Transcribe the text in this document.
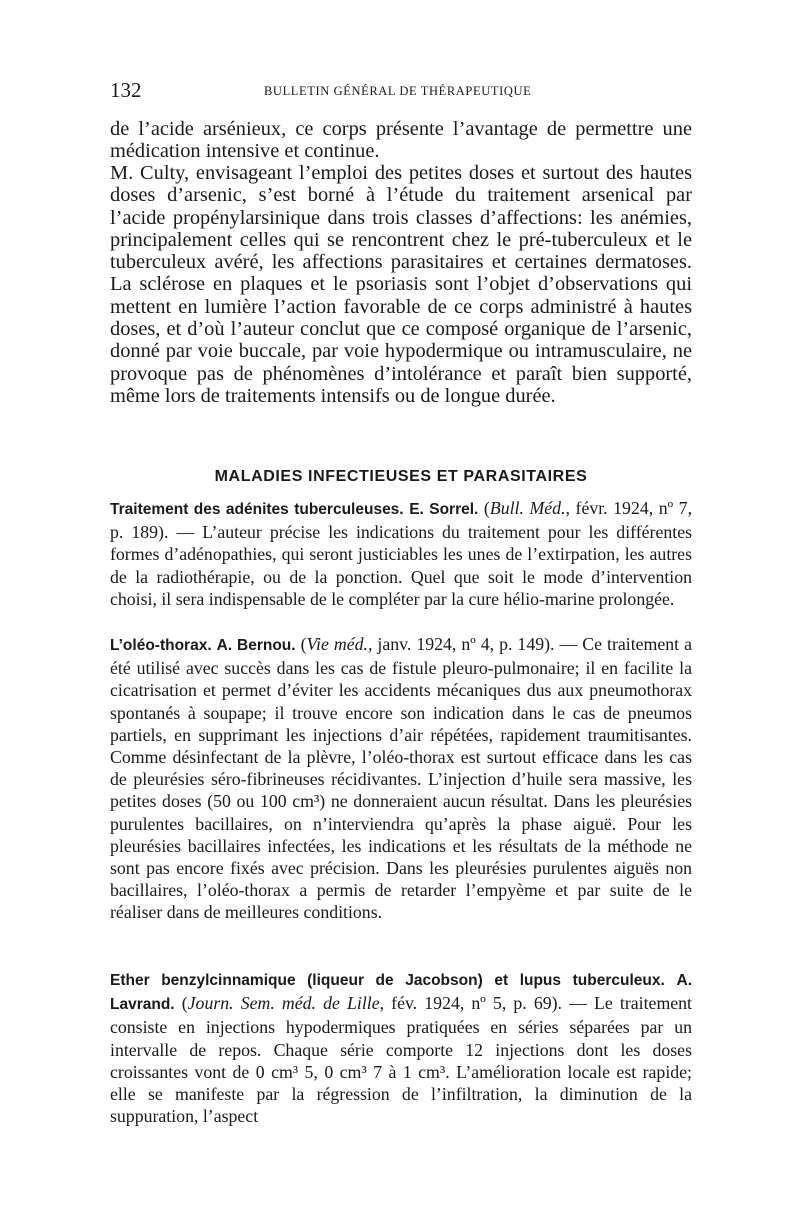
132	BULLETIN GÉNÉRAL DE THÉRAPEUTIQUE

de l’acide arsénieux, ce corps présente l’avantage de permettre une médication intensive et continue.

M. Culty, envisageant l’emploi des petites doses et surtout des hautes doses d’arsenic, s’est borné à l’étude du traitement arsenical par l’acide propénylarsinique dans trois classes d’affections: les anémies, principalement celles qui se rencontrent chez le pré-tuberculeux et le tuberculeux avéré, les affections parasitaires et certaines dermatoses. La sclérose en plaques et le psoriasis sont l’objet d’observations qui mettent en lumière l’action favorable de ce corps administré à hautes doses, et d’où l’auteur conclut que ce composé organique de l’arsenic, donné par voie buccale, par voie hypodermique ou intramusculaire, ne provoque pas de phénomènes d’intolérance et paraît bien supporté, même lors de traitements intensifs ou de longue durée.

MALADIES INFECTIEUSES ET PARASITAIRES

Traitement des adénites tuberculeuses. E. Sorrel. (Bull. Méd., févr. 1924, nº 7, p. 189). — L’auteur précise les indications du traitement pour les différentes formes d’adénopathies, qui seront justiciables les unes de l’extirpation, les autres de la radiothérapie, ou de la ponction. Quel que soit le mode d’intervention choisi, il sera indispensable de le compléter par la cure hélio-marine prolongée.

L’oléo-thorax. A. Bernou. (Vie méd., janv. 1924, nº 4, p. 149). — Ce traitement a été utilisé avec succès dans les cas de fistule pleuro-pulmonaire; il en facilite la cicatrisation et permet d’éviter les accidents mécaniques dus aux pneumothorax spontanés à soupape; il trouve encore son indication dans le cas de pneumos partiels, en supprimant les injections d’air répétées, rapidement traumitisantes. Comme désinfectant de la plèvre, l’oléo-thorax est surtout efficace dans les cas de pleurésies séro-fibrineuses récidivantes. L’injection d’huile sera massive, les petites doses (50 ou 100 cm³) ne donneraient aucun résultat. Dans les pleurésies purulentes bacillaires, on n’interviendra qu’après la phase aiguë. Pour les pleurésies bacillaires infectées, les indications et les résultats de la méthode ne sont pas encore fixés avec précision. Dans les pleurésies purulentes aiguës non bacillaires, l’oléo-thorax a permis de retarder l’empyème et par suite de le réaliser dans de meilleures conditions.

Ether benzylcinnamique (liqueur de Jacobson) et lupus tuberculeux. A. Lavrand. (Journ. Sem. méd. de Lille, fév. 1924, nº 5, p. 69). — Le traitement consiste en injections hypodermiques pratiquées en séries séparées par un intervalle de repos. Chaque série comporte 12 injections dont les doses croissantes vont de 0 cm³ 5, 0 cm³ 7 à 1 cm³. L’amélioration locale est rapide; elle se manifeste par la régression de l’infiltration, la diminution de la suppuration, l’aspect
